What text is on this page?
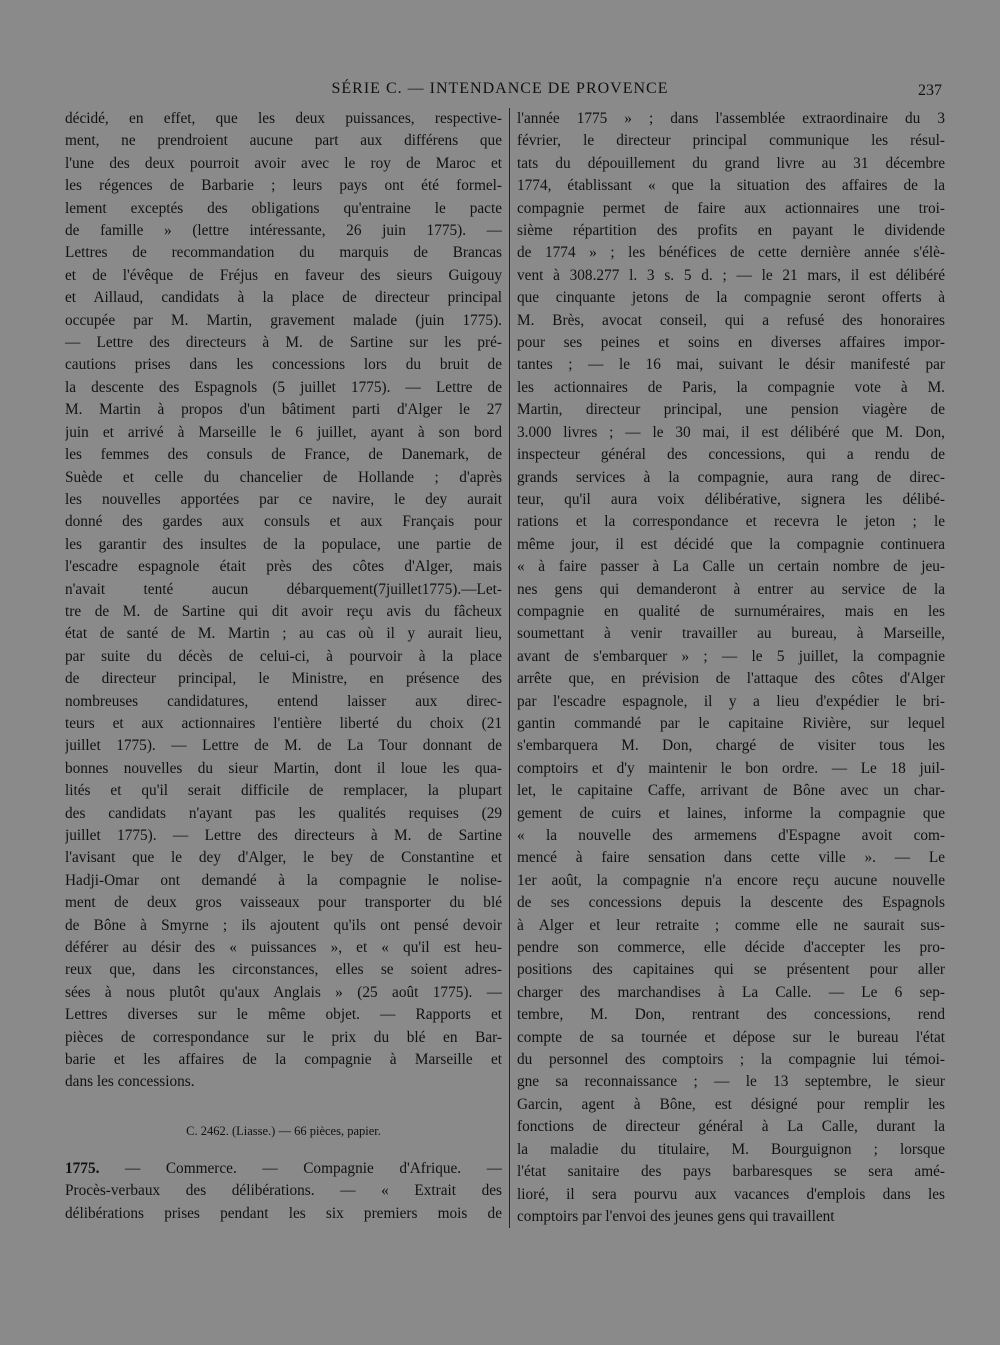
SÉRIE C. — INTENDANCE DE PROVENCE	237
décidé, en effet, que les deux puissances, respective-
ment, ne prendroient aucune part aux différens que
l'une des deux pourroit avoir avec le roy de Maroc et
les régences de Barbarie ; leurs pays ont été formel-
lement exceptés des obligations qu'entraine le pacte
de famille » (lettre intéressante, 26 juin 1775). —
Lettres de recommandation du marquis de Brancas
et de l'évêque de Fréjus en faveur des sieurs Guigouy
et Aillaud, candidats à la place de directeur principal
occupée par M. Martin, gravement malade (juin 1775).
— Lettre des directeurs à M. de Sartine sur les pré-
cautions prises dans les concessions lors du bruit de
la descente des Espagnols (5 juillet 1775). — Lettre de
M. Martin à propos d'un bâtiment parti d'Alger le 27
juin et arrivé à Marseille le 6 juillet, ayant à son bord
les femmes des consuls de France, de Danemark, de
Suède et celle du chancelier de Hollande ; d'après
les nouvelles apportées par ce navire, le dey aurait
donné des gardes aux consuls et aux Français pour
les garantir des insultes de la populace, une partie de
l'escadre espagnole était près des côtes d'Alger, mais
n'avait tenté aucun débarquement(7juillet1775).—Let-
tre de M. de Sartine qui dit avoir reçu avis du fâcheux
état de santé de M. Martin ; au cas où il y aurait lieu,
par suite du décès de celui-ci, à pourvoir à la place
de directeur principal, le Ministre, en présence des
nombreuses candidatures, entend laisser aux direc-
teurs et aux actionnaires l'entière liberté du choix (21
juillet 1775). — Lettre de M. de La Tour donnant de
bonnes nouvelles du sieur Martin, dont il loue les qua-
lités et qu'il serait difficile de remplacer, la plupart
des candidats n'ayant pas les qualités requises (29
juillet 1775). — Lettre des directeurs à M. de Sartine
l'avisant que le dey d'Alger, le bey de Constantine et
Hadji-Omar ont demandé à la compagnie le nolise-
ment de deux gros vaisseaux pour transporter du blé
de Bône à Smyrne ; ils ajoutent qu'ils ont pensé devoir
déférer au désir des « puissances », et « qu'il est heu-
reux que, dans les circonstances, elles se soient adres-
sées à nous plutôt qu'aux Anglais » (25 août 1775). —
Lettres diverses sur le même objet. — Rapports et
pièces de correspondance sur le prix du blé en Bar-
barie et les affaires de la compagnie à Marseille et
dans les concessions.
l'année 1775 » ; dans l'assemblée extraordinaire du 3
février, le directeur principal communique les résul-
tats du dépouillement du grand livre au 31 décembre
1774, établissant « que la situation des affaires de la
compagnie permet de faire aux actionnaires une troi-
sième répartition des profits en payant le dividende
de 1774 » ; les bénéfices de cette dernière année s'élè-
vent à 308.277 l. 3 s. 5 d. ; — le 21 mars, il est délibéré
que cinquante jetons de la compagnie seront offerts à
M. Brès, avocat conseil, qui a refusé des honoraires
pour ses peines et soins en diverses affaires impor-
tantes ; — le 16 mai, suivant le désir manifesté par
les actionnaires de Paris, la compagnie vote à M.
Martin, directeur principal, une pension viagère de
3.000 livres ; — le 30 mai, il est délibéré que M. Don,
inspecteur général des concessions, qui a rendu de
grands services à la compagnie, aura rang de direc-
teur, qu'il aura voix délibérative, signera les délibé-
rations et la correspondance et recevra le jeton ; le
même jour, il est décidé que la compagnie continuera
« à faire passer à La Calle un certain nombre de jeu-
nes gens qui demanderont à entrer au service de la
compagnie en qualité de surnuméraires, mais en les
soumettant à venir travailler au bureau, à Marseille,
avant de s'embarquer » ; — le 5 juillet, la compagnie
arrête que, en prévision de l'attaque des côtes d'Alger
par l'escadre espagnole, il y a lieu d'expédier le bri-
gantin commandé par le capitaine Rivière, sur lequel
s'embarquera M. Don, chargé de visiter tous les
comptoirs et d'y maintenir le bon ordre. — Le 18 juil-
let, le capitaine Caffe, arrivant de Bône avec un char-
gement de cuirs et laines, informe la compagnie que
« la nouvelle des armemens d'Espagne avoit com-
mencé à faire sensation dans cette ville ». — Le
1er août, la compagnie n'a encore reçu aucune nouvelle
de ses concessions depuis la descente des Espagnols
à Alger et leur retraite ; comme elle ne saurait sus-
pendre son commerce, elle décide d'accepter les pro-
positions des capitaines qui se présentent pour aller
charger des marchandises à La Calle. — Le 6 sep-
tembre, M. Don, rentrant des concessions, rend
compte de sa tournée et dépose sur le bureau l'état
du personnel des comptoirs ; la compagnie lui témoi-
gne sa reconnaissance ; — le 13 septembre, le sieur
Garcin, agent à Bône, est désigné pour remplir les
fonctions de directeur général à La Calle, durant la
la maladie du titulaire, M. Bourguignon ; lorsque
l'état sanitaire des pays barbaresques se sera amé-
lioré, il sera pourvu aux vacances d'emplois dans les
comptoirs par l'envoi des jeunes gens qui travaillent
C. 2462. (Liasse.) — 66 pièces, papier.
1775. — Commerce. — Compagnie d'Afrique. —
Procès-verbaux des délibérations. — « Extrait des
délibérations prises pendant les six premiers mois de
